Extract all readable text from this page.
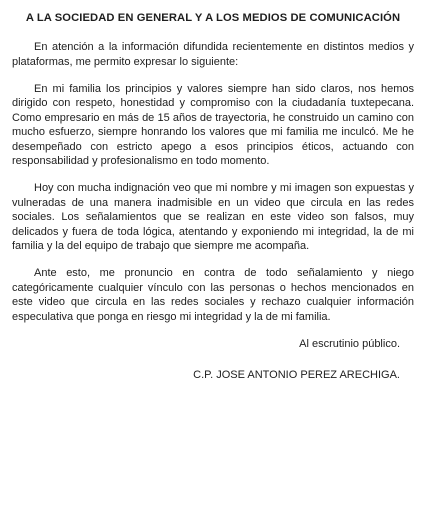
A LA SOCIEDAD EN GENERAL Y A LOS MEDIOS DE COMUNICACIÓN

En atención a la información difundida recientemente en distintos medios y plataformas, me permito expresar lo siguiente:

En mi familia los principios y valores siempre han sido claros, nos hemos dirigido con respeto, honestidad y compromiso con la ciudadanía tuxtepecana. Como empresario en más de 15 años de trayectoria, he construido un camino con mucho esfuerzo, siempre honrando los valores que mi familia me inculcó. Me he desempeñado con estricto apego a esos principios éticos, actuando con responsabilidad y profesionalismo en todo momento.

Hoy con mucha indignación veo que mi nombre y mi imagen son expuestas y vulneradas de una manera inadmisible en un video que circula en las redes sociales. Los señalamientos que se realizan en este video son falsos, muy delicados y fuera de toda lógica, atentando y exponiendo mi integridad, la de mi familia y la del equipo de trabajo que siempre me acompaña.

Ante esto, me pronuncio en contra de todo señalamiento y niego categóricamente cualquier vínculo con las personas o hechos mencionados en este video que circula en las redes sociales y rechazo cualquier información especulativa que ponga en riesgo mi integridad y la de mi familia.

Al escrutinio público.

C.P. JOSE ANTONIO PEREZ ARECHIGA.
